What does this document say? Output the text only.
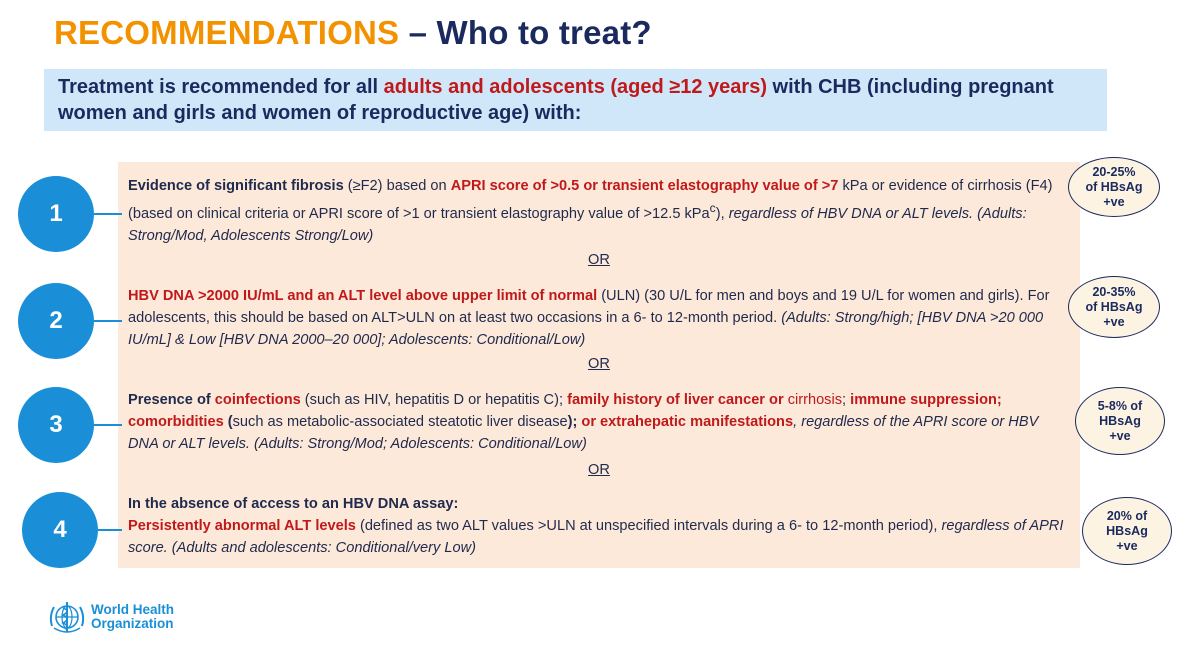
RECOMMENDATIONS – Who to treat?
Treatment is recommended for all adults and adolescents (aged ≥12 years) with CHB (including pregnant women and girls and women of reproductive age) with:
1
2
3
4
Evidence of significant fibrosis (≥F2) based on APRI score of >0.5 or transient elastography value of >7 kPa or evidence of cirrhosis (F4) (based on clinical criteria or APRI score of >1 or transient elastography value of >12.5 kPa$^c$), regardless of HBV DNA or ALT levels. (Adults: Strong/Mod, Adolescents Strong/Low)
OR
HBV DNA >2000 IU/mL and an ALT level above upper limit of normal (ULN) (30 U/L for men and boys and 19 U/L for women and girls). For adolescents, this should be based on ALT>ULN on at least two occasions in a 6- to 12-month period. (Adults: Strong/high; [HBV DNA >20 000 IU/mL] & Low [HBV DNA 2000–20 000]; Adolescents: Conditional/Low)
OR
Presence of coinfections (such as HIV, hepatitis D or hepatitis C); family history of liver cancer or cirrhosis; immune suppression; comorbidities (such as metabolic-associated steatotic liver disease); or extrahepatic manifestations, regardless of the APRI score or HBV DNA or ALT levels. (Adults: Strong/Mod; Adolescents: Conditional/Low)
OR
In the absence of access to an HBV DNA assay:
Persistently abnormal ALT levels (defined as two ALT values >ULN at unspecified intervals during a 6- to 12-month period), regardless of APRI score. (Adults and adolescents: Conditional/very Low)
20-25%
of HBsAg
+ve
20-35%
of HBsAg
+ve
5-8% of
HBsAg
+ve
20% of
HBsAg
+ve
World Health
Organization
